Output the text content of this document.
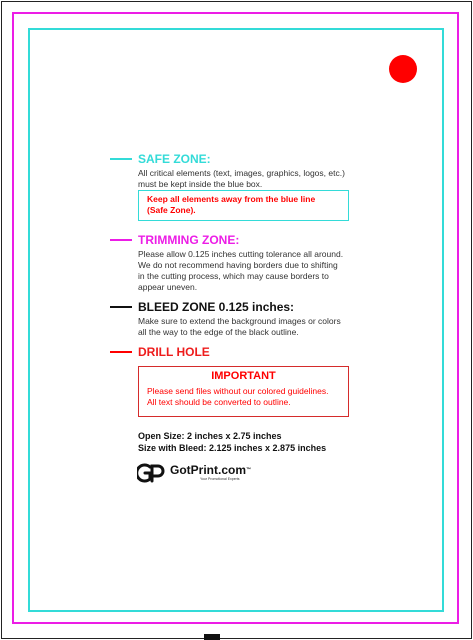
SAFE ZONE:
All critical elements (text, images, graphics, logos, etc.)
must be kept inside the blue box.
Keep all elements away from the blue line
(Safe Zone).
TRIMMING ZONE:
Please allow 0.125 inches cutting tolerance all around.
We do not recommend having borders due to shifting
in the cutting process, which may cause borders to
appear uneven.
BLEED ZONE 0.125 inches:
Make sure to extend the background images or colors
all the way to the edge of the black outline.
DRILL HOLE
IMPORTANT
Please send files without our colored guidelines.
All text should be converted to outline.
Open Size: 2 inches x 2.75 inches
Size with Bleed: 2.125 inches x 2.875 inches
GotPrint.com™
Your Promotional Experts
